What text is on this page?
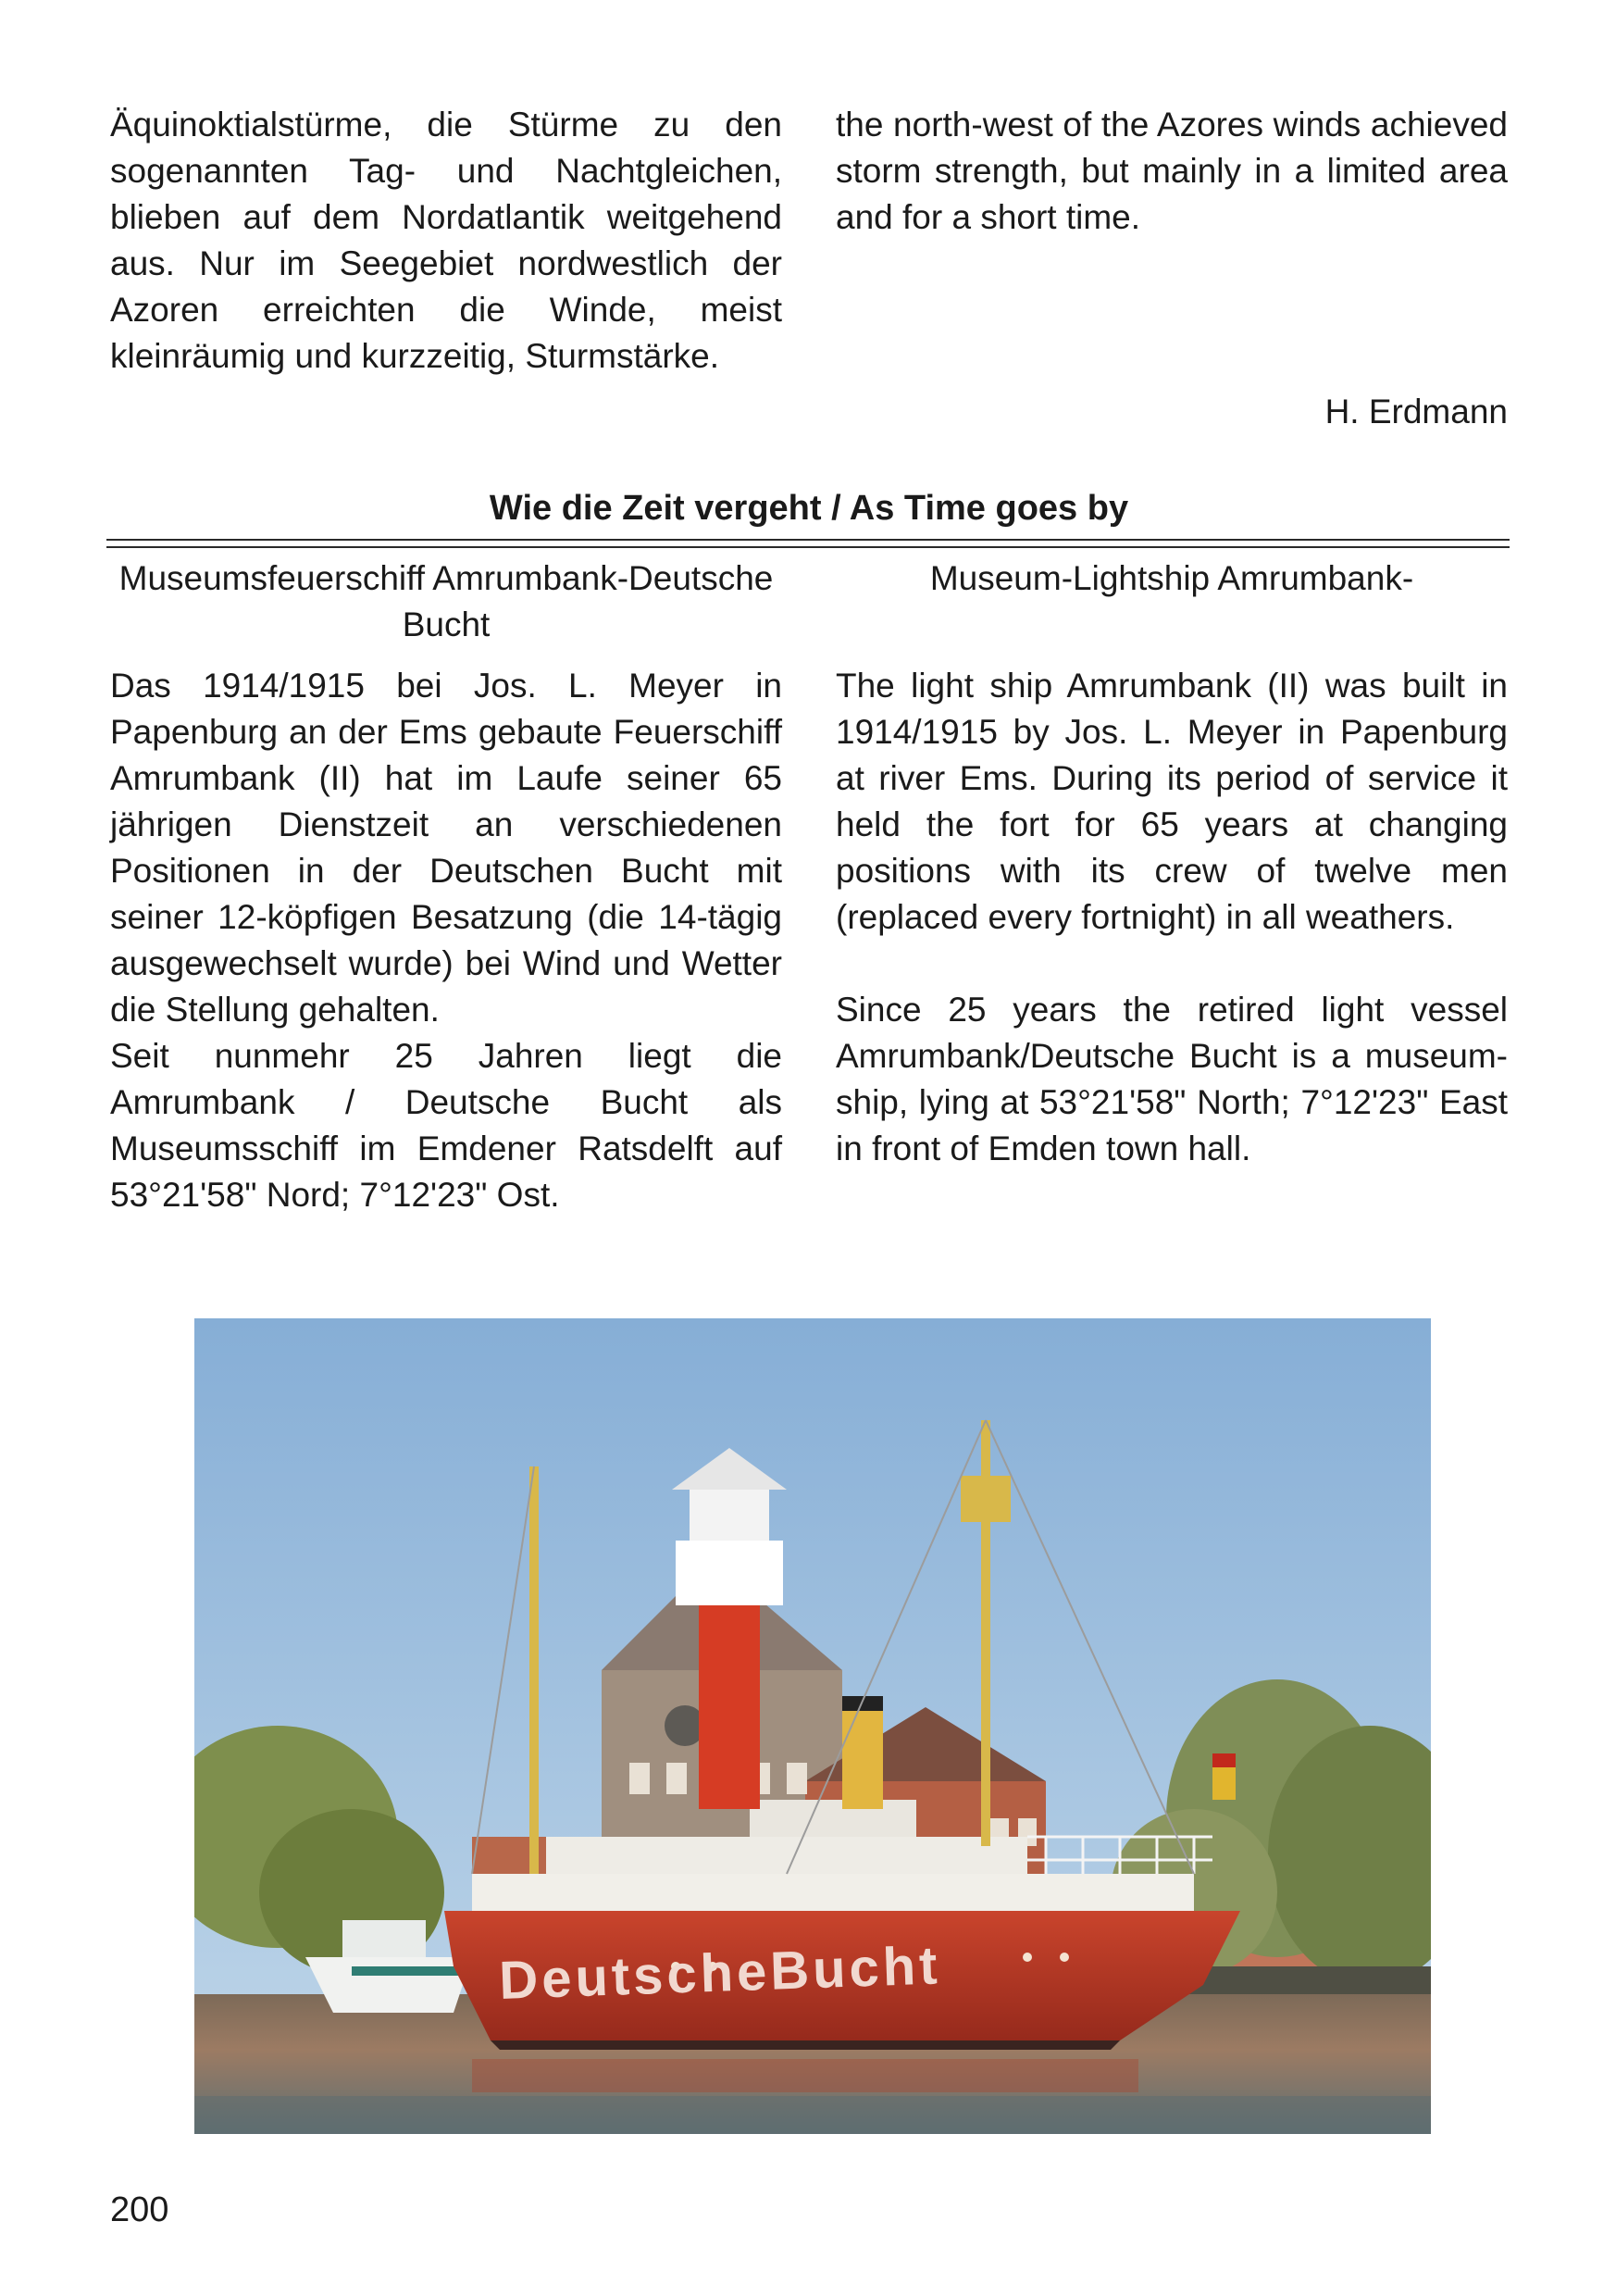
Äquinoktialstürme, die Stürme zu den sogenannten Tag- und Nachtgleichen, blieben auf dem Nordatlantik weitgehend aus. Nur im Seegebiet nordwestlich der Azoren erreichten die Winde, meist kleinräumig und kurzzeitig, Sturmstärke.

the north-west of the Azores winds achieved storm strength, but mainly in a limited area and for a short time.

H. Erdmann
Wie die Zeit vergeht / As Time goes by

Museumsfeuerschiff Amrumbank-Deutsche Bucht

Museum-Lightship Amrumbank-

Das 1914/1915 bei Jos. L. Meyer in Papenburg an der Ems gebaute Feuerschiff Amrumbank (II) hat im Laufe seiner 65 jährigen Dienstzeit an verschiedenen Positionen in der Deutschen Bucht mit seiner 12-köpfigen Besatzung (die 14-tägig ausgewechselt wurde) bei Wind und Wetter die Stellung gehalten.

Seit nunmehr 25 Jahren liegt die Amrumbank / Deutsche Bucht als Museumsschiff im Emdener Ratsdelft auf 53°21'58" Nord; 7°12'23" Ost.

The light ship Amrumbank (II) was built in 1914/1915 by Jos. L. Meyer in Papenburg at river Ems. During its period of service it held the fort for 65 years at changing positions with its crew of twelve men (replaced every fortnight) in all weathers.

Since 25 years the retired light vessel Amrumbank/Deutsche Bucht is a museum-ship, lying at 53°21'58" North; 7°12'23" East in front of Emden town hall.

DeutscheBucht
200
